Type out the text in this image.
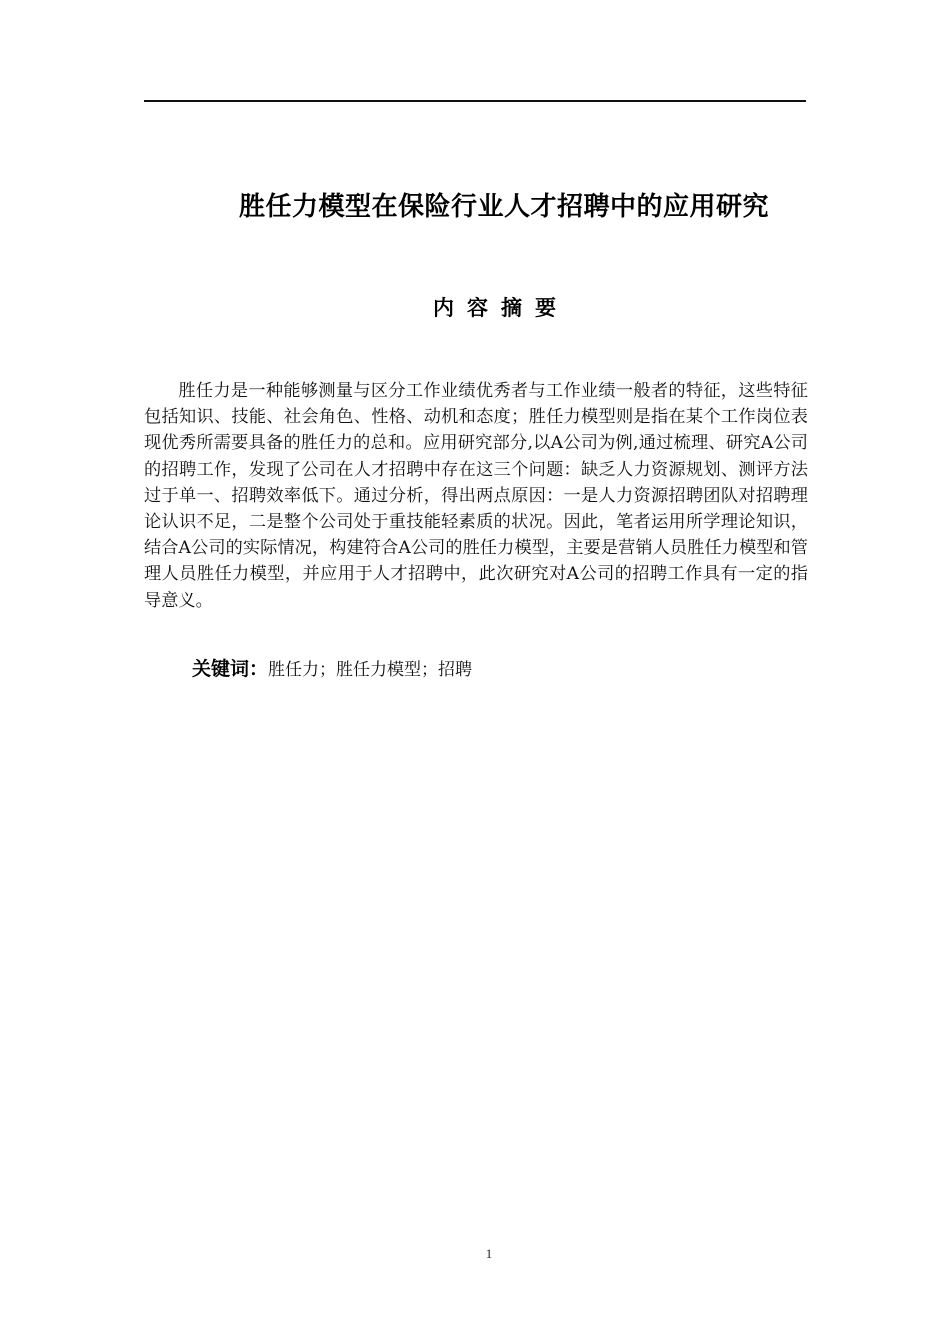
胜任力模型在保险行业人才招聘中的应用研究
内容摘要

胜任力是一种能够测量与区分工作业绩优秀者与工作业绩一般者的特征，这些特征包括知识、技能、社会角色、性格、动机和态度；胜任力模型则是指在某个工作岗位表现优秀所需要具备的胜任力的总和。应用研究部分,以A公司为例,通过梳理、研究A公司的招聘工作，发现了公司在人才招聘中存在这三个问题：缺乏人力资源规划、测评方法过于单一、招聘效率低下。通过分析，得出两点原因：一是人力资源招聘团队对招聘理论认识不足，二是整个公司处于重技能轻素质的状况。因此，笔者运用所学理论知识，结合A公司的实际情况，构建符合A公司的胜任力模型，主要是营销人员胜任力模型和管理人员胜任力模型，并应用于人才招聘中，此次研究对A公司的招聘工作具有一定的指导意义。

关键词：胜任力；胜任力模型；招聘
1
